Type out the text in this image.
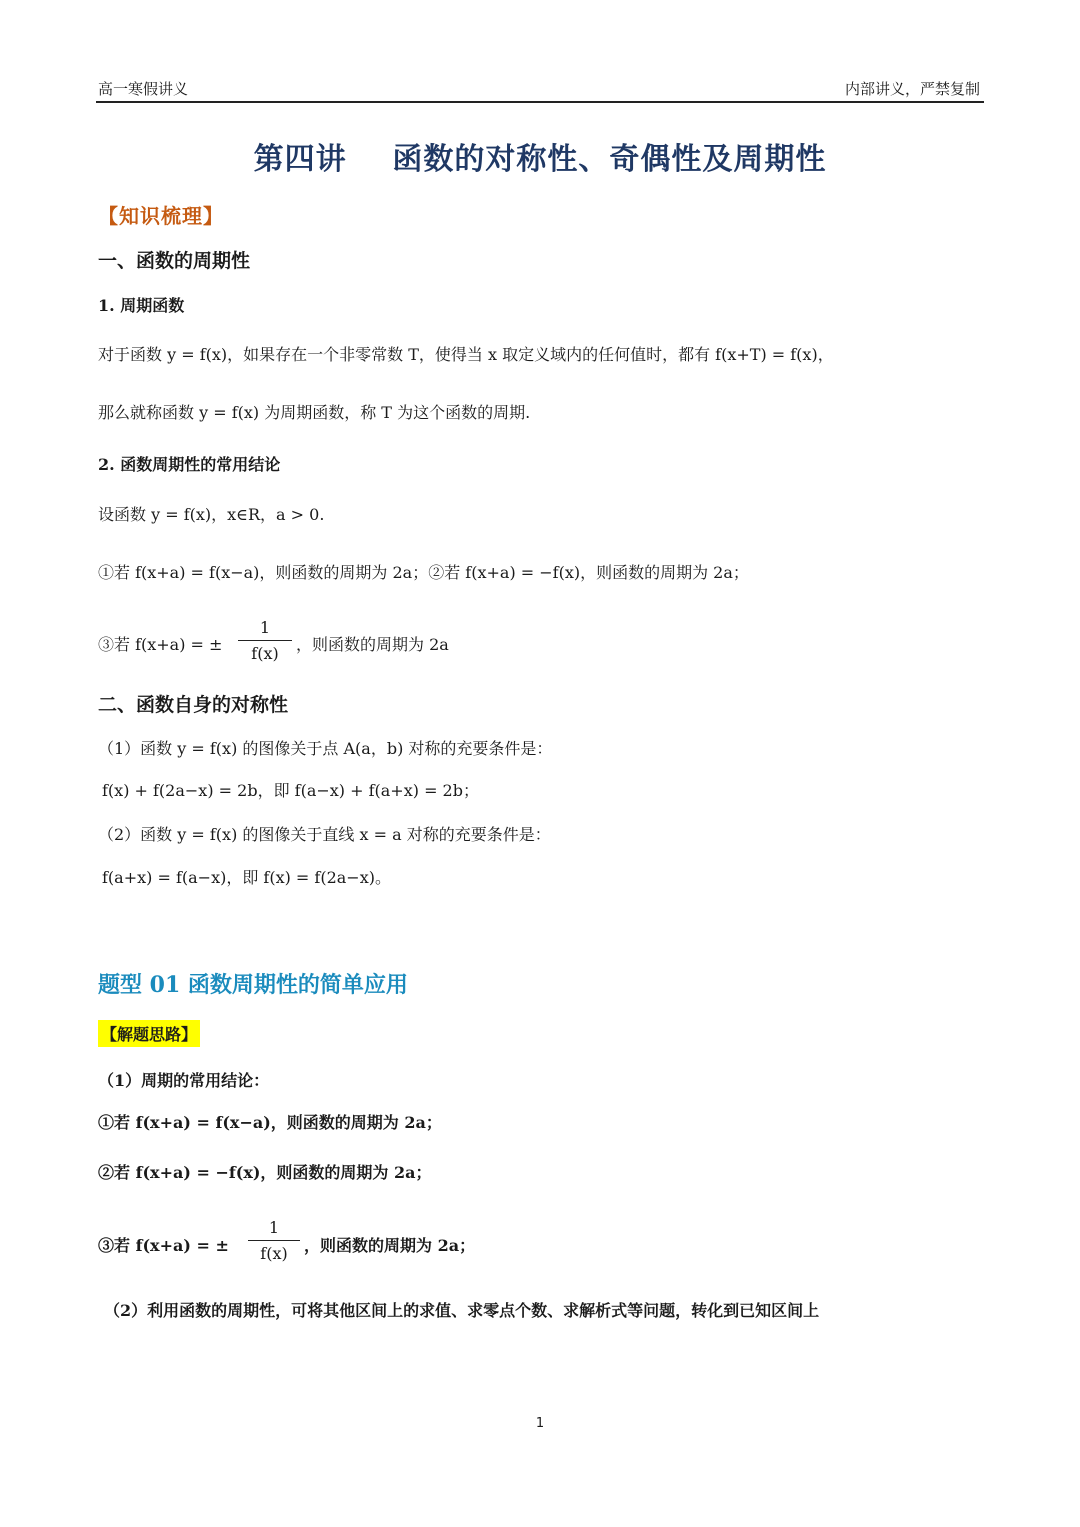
高一寒假讲义	内部讲义，严禁复制
第四讲    函数的对称性、奇偶性及周期性
【知识梳理】
一、函数的周期性
1. 周期函数
对于函数 y = f(x)，如果存在一个非零常数 T，使得当 x 取定义域内的任何值时，都有 f(x+T) = f(x)，
那么就称函数 y = f(x) 为周期函数，称 T 为这个函数的周期.
2. 函数周期性的常用结论
设函数 y = f(x)，x∈R，a > 0.
①若 f(x+a) = f(x−a)，则函数的周期为 2a；②若 f(x+a) = −f(x)，则函数的周期为 2a；
③若 f(x+a) = ± $\frac{1}{f(x)}$ ，则函数的周期为 2a
二、函数自身的对称性
（1）函数 y = f(x) 的图像关于点 A(a，b) 对称的充要条件是：
f(x) + f(2a−x) = 2b，即 f(a−x) + f(a+x) = 2b；
（2）函数 y = f(x) 的图像关于直线 x = a 对称的充要条件是：
f(a+x) = f(a−x)，即 f(x) = f(2a−x)。
题型 01 函数周期性的简单应用
【解题思路】
（1）周期的常用结论：
①若 f(x+a) = f(x−a)，则函数的周期为 2a；
②若 f(x+a) = −f(x)，则函数的周期为 2a；
③若 f(x+a) = ± $\frac{1}{f(x)}$ ，则函数的周期为 2a；
（2）利用函数的周期性，可将其他区间上的求值、求零点个数、求解析式等问题，转化到已知区间上
1
